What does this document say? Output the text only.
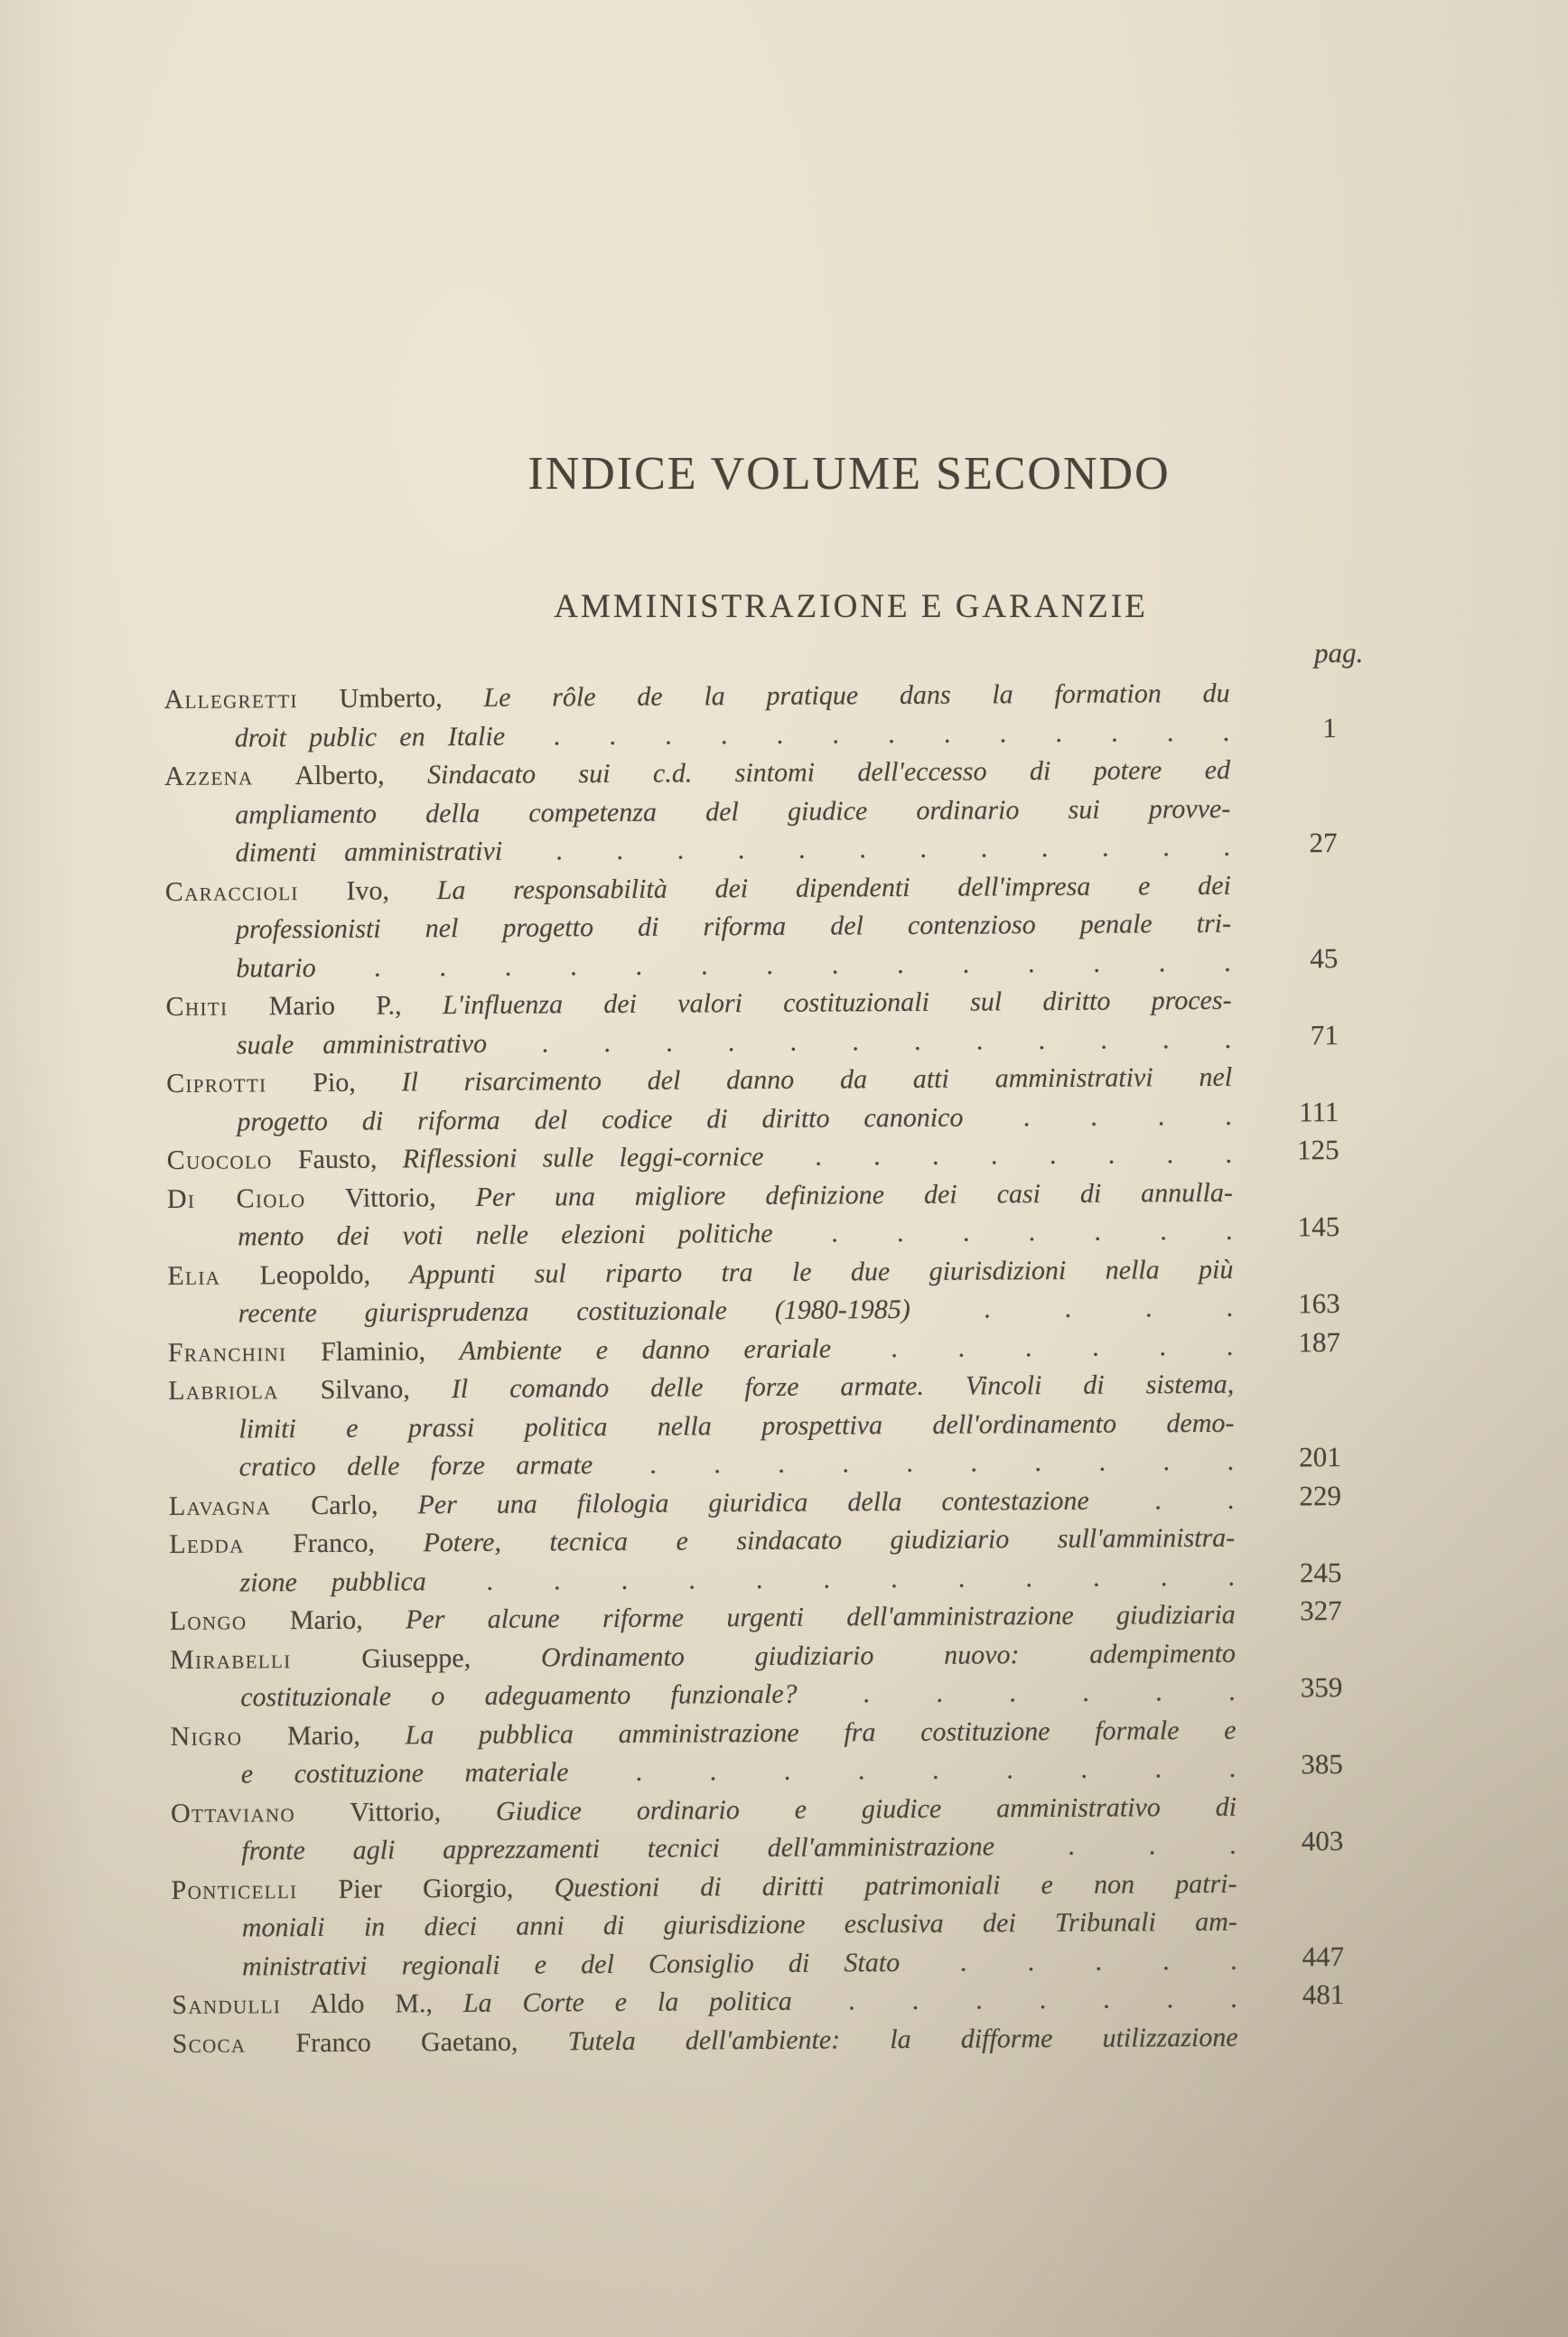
INDICE VOLUME SECONDO
AMMINISTRAZIONE E GARANZIE
pag.
Allegretti Umberto, Le rôle de la pratique dans la formation du
droit public en Italie . . . . . . . . . . . . .	1
Azzena Alberto, Sindacato sui c.d. sintomi dell'eccesso di potere ed
ampliamento della competenza del giudice ordinario sui provve-
dimenti amministrativi . . . . . . . . . . . .	27
Caraccioli Ivo, La responsabilità dei dipendenti dell'impresa e dei
professionisti nel progetto di riforma del contenzioso penale tri-
butario . . . . . . . . . . . . . .	45
Chiti Mario P., L'influenza dei valori costituzionali sul diritto proces-
suale amministrativo . . . . . . . . . . . .	71
Ciprotti Pio, Il risarcimento del danno da atti amministrativi nel
progetto di riforma del codice di diritto canonico . . . .	111
Cuocolo Fausto, Riflessioni sulle leggi-cornice . . . . . . . .	125
Di Ciolo Vittorio, Per una migliore definizione dei casi di annulla-
mento dei voti nelle elezioni politiche . . . . . . .	145
Elia Leopoldo, Appunti sul riparto tra le due giurisdizioni nella più
recente giurisprudenza costituzionale (1980-1985) . . . .	163
Franchini Flaminio, Ambiente e danno erariale . . . . . .	187
Labriola Silvano, Il comando delle forze armate. Vincoli di sistema,
limiti e prassi politica nella prospettiva dell'ordinamento demo-
cratico delle forze armate . . . . . . . . . .	201
Lavagna Carlo, Per una filologia giuridica della contestazione . .	229
Ledda Franco, Potere, tecnica e sindacato giudiziario sull'amministra-
zione pubblica . . . . . . . . . . . .	245
Longo Mario, Per alcune riforme urgenti dell'amministrazione giudiziaria	327
Mirabelli Giuseppe, Ordinamento giudiziario nuovo: adempimento
costituzionale o adeguamento funzionale? . . . . . .	359
Nigro Mario, La pubblica amministrazione fra costituzione formale e
e costituzione materiale . . . . . . . . .	385
Ottaviano Vittorio, Giudice ordinario e giudice amministrativo di
fronte agli apprezzamenti tecnici dell'amministrazione . . .	403
Ponticelli Pier Giorgio, Questioni di diritti patrimoniali e non patri-
moniali in dieci anni di giurisdizione esclusiva dei Tribunali am-
ministrativi regionali e del Consiglio di Stato . . . . .	447
Sandulli Aldo M., La Corte e la politica . . . . . . .	481
Scoca Franco Gaetano, Tutela dell'ambiente: la difforme utilizzazione
